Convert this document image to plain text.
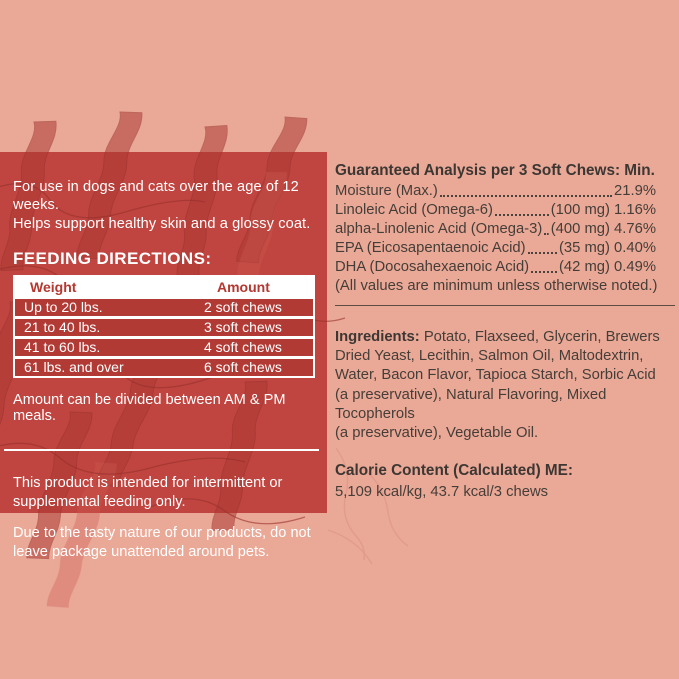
For use in dogs and cats over the age of 12 weeks.
Helps support healthy skin and a glossy coat.

FEEDING DIRECTIONS:
Weight	Amount
Up to 20 lbs.	2 soft chews
21 to 40 lbs.	3 soft chews
41 to 60 lbs.	4 soft chews
61 lbs. and over	6 soft chews

Amount can be divided between AM & PM meals.

This product is intended for intermittent or
supplemental feeding only.

Due to the tasty nature of our products, do not
leave package unattended around pets.

Guaranteed Analysis per 3 Soft Chews: Min.
Moisture (Max.)	21.9%
Linoleic Acid (Omega-6)	(100 mg) 1.16%
alpha-Linolenic Acid (Omega-3) (400 mg) 4.76%
EPA (Eicosapentaenoic Acid) (35 mg) 0.40%
DHA (Docosahexaenoic Acid) (42 mg) 0.49%
(All values are minimum unless otherwise noted.)

Ingredients: Potato, Flaxseed, Glycerin, Brewers
Dried Yeast, Lecithin, Salmon Oil, Maltodextrin,
Water, Bacon Flavor, Tapioca Starch, Sorbic Acid
(a preservative), Natural Flavoring, Mixed Tocopherols
(a preservative), Vegetable Oil.

Calorie Content (Calculated) ME:

5,109 kcal/kg, 43.7 kcal/3 chews
